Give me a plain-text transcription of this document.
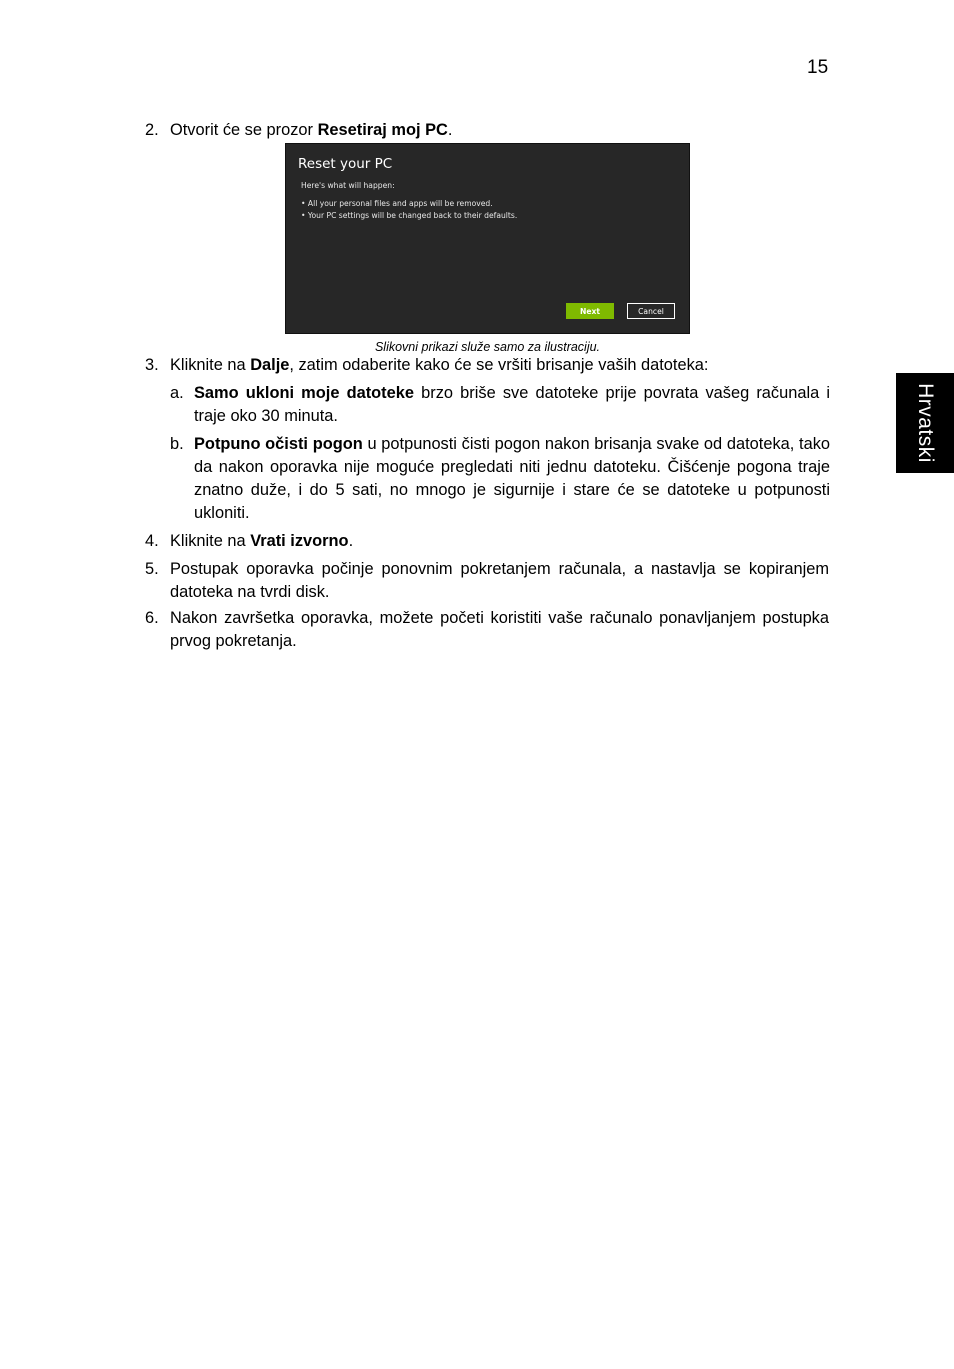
15
Hrvatski
2. Otvorit će se prozor Resetiraj moj PC.
Reset your PC
Here's what will happen:
• All your personal files and apps will be removed.
• Your PC settings will be changed back to their defaults.
Next	Cancel
Slikovni prikazi služe samo za ilustraciju.
3. Kliknite na Dalje, zatim odaberite kako će se vršiti brisanje vaših datoteka:
a. Samo ukloni moje datoteke brzo briše sve datoteke prije povrata vašeg računala i traje oko 30 minuta.
b. Potpuno očisti pogon u potpunosti čisti pogon nakon brisanja svake od datoteka, tako da nakon oporavka nije moguće pregledati niti jednu datoteku. Čišćenje pogona traje znatno duže, i do 5 sati, no mnogo je sigurnije i stare će se datoteke u potpunosti ukloniti.
4. Kliknite na Vrati izvorno.
5. Postupak oporavka počinje ponovnim pokretanjem računala, a nastavlja se kopiranjem datoteka na tvrdi disk.
6. Nakon završetka oporavka, možete početi koristiti vaše računalo ponavljanjem postupka prvog pokretanja.
